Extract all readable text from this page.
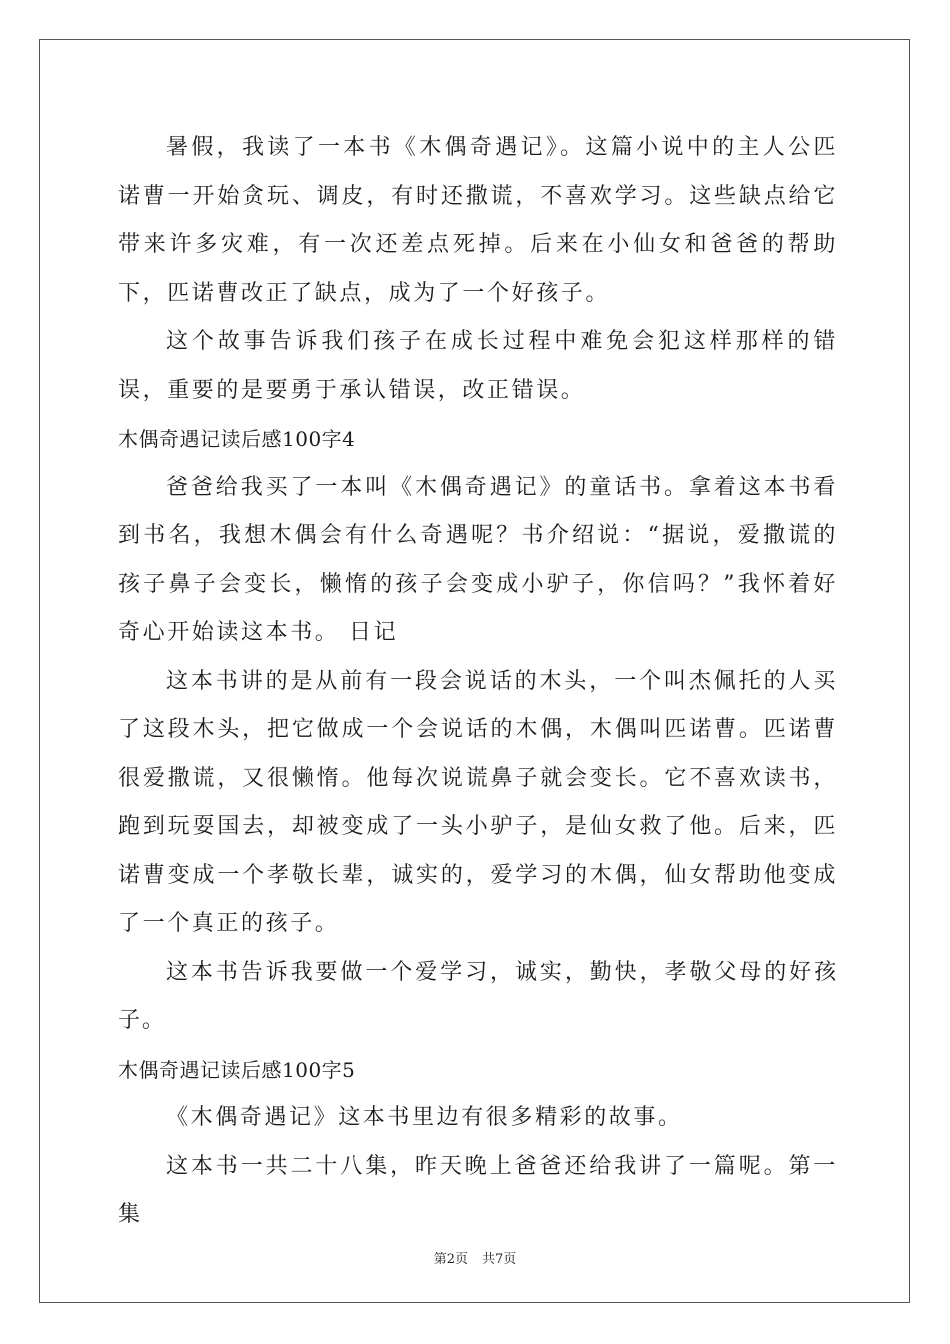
暑假，我读了一本书《木偶奇遇记》。这篇小说中的主人公匹诺曹一开始贪玩、调皮，有时还撒谎，不喜欢学习。这些缺点给它带来许多灾难，有一次还差点死掉。后来在小仙女和爸爸的帮助下，匹诺曹改正了缺点，成为了一个好孩子。

这个故事告诉我们孩子在成长过程中难免会犯这样那样的错误，重要的是要勇于承认错误，改正错误。

木偶奇遇记读后感100字4

爸爸给我买了一本叫《木偶奇遇记》的童话书。拿着这本书看到书名，我想木偶会有什么奇遇呢？书介绍说：“据说，爱撒谎的孩子鼻子会变长，懒惰的孩子会变成小驴子，你信吗？”我怀着好奇心开始读这本书。 日记

这本书讲的是从前有一段会说话的木头，一个叫杰佩托的人买了这段木头，把它做成一个会说话的木偶，木偶叫匹诺曹。匹诺曹很爱撒谎，又很懒惰。他每次说谎鼻子就会变长。它不喜欢读书，跑到玩耍国去，却被变成了一头小驴子，是仙女救了他。后来，匹诺曹变成一个孝敬长辈，诚实的，爱学习的木偶，仙女帮助他变成了一个真正的孩子。

这本书告诉我要做一个爱学习，诚实，勤快，孝敬父母的好孩子。

木偶奇遇记读后感100字5

《木偶奇遇记》这本书里边有很多精彩的故事。

这本书一共二十八集，昨天晚上爸爸还给我讲了一篇呢。第一集

第2页 共7页
